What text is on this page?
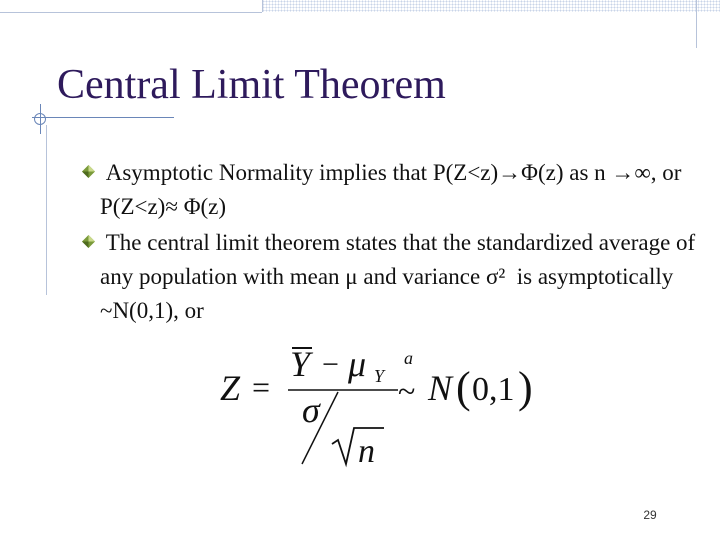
Central Limit Theorem
Asymptotic Normality implies that P(Z<z)→Φ(z) as n →∞, or P(Z<z)≈ Φ(z)
The central limit theorem states that the standardized average of any population with mean μ and variance σ²  is asymptotically ~N(0,1), or
Z =
Y − μ Y
σ
n
a
~ N ( 0,1 )
29
